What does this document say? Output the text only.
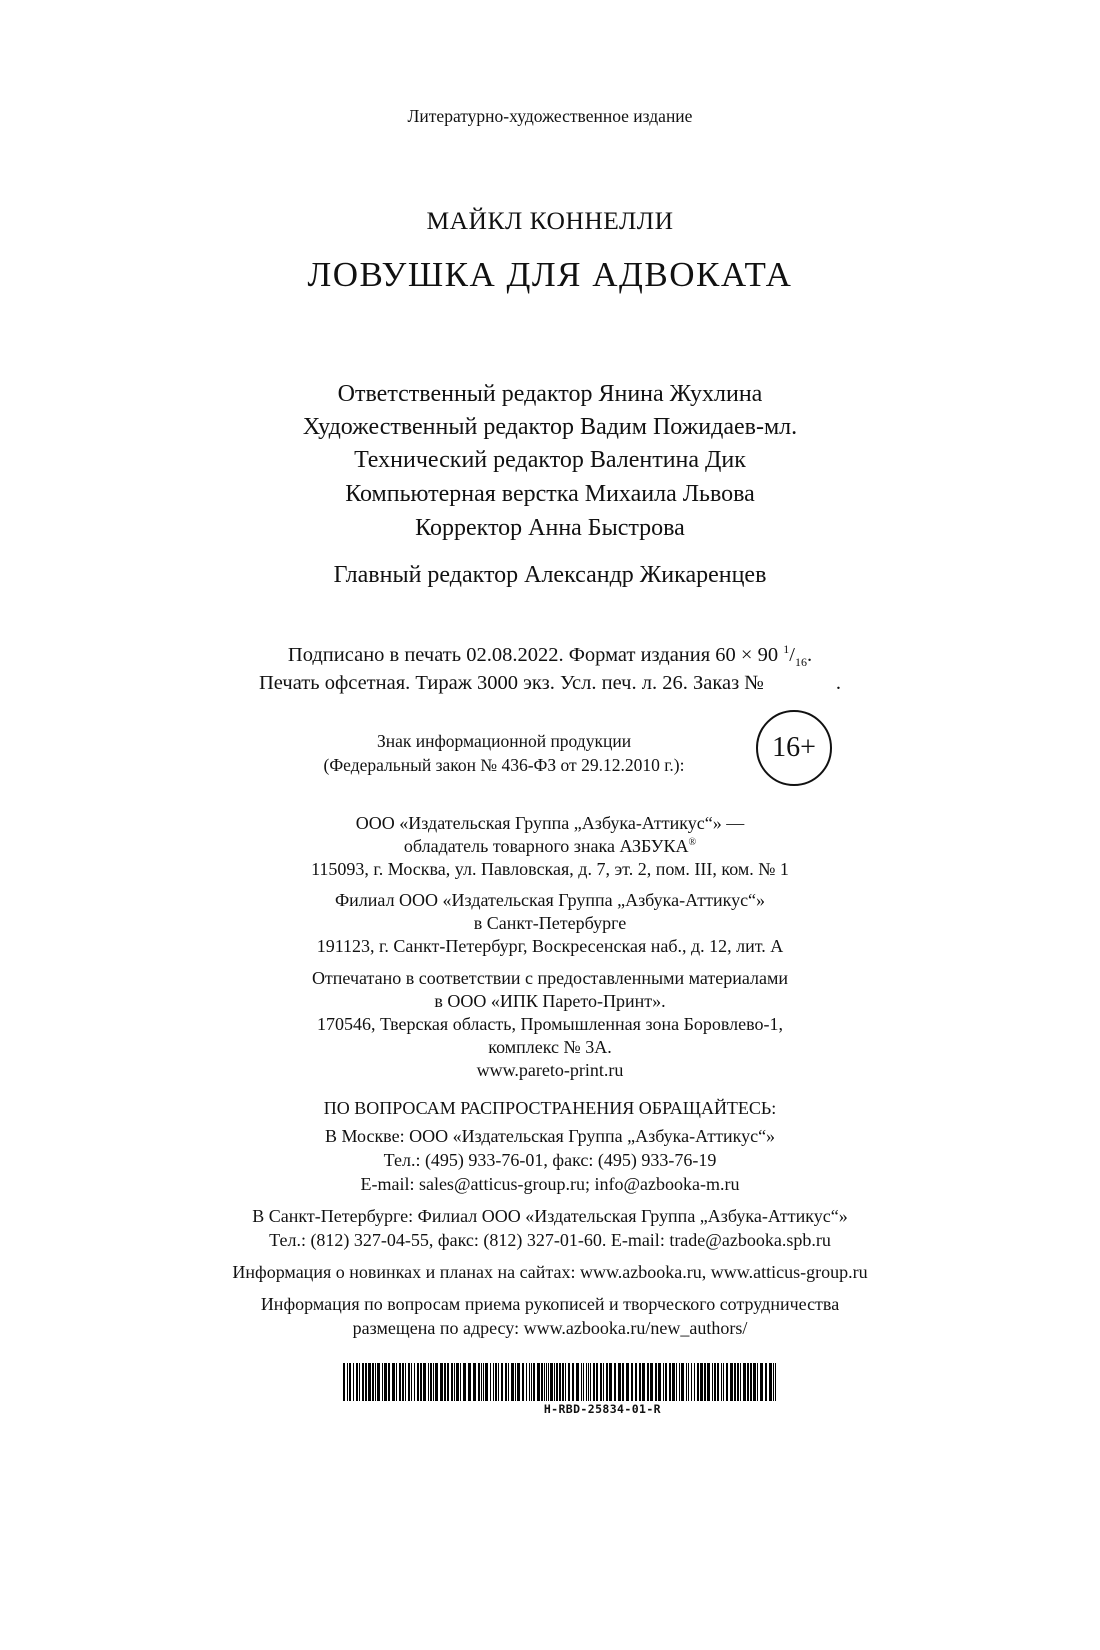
Литературно-художественное издание
МАЙКЛ КОННЕЛЛИ
ЛОВУШКА ДЛЯ АДВОКАТА
Ответственный редактор Янина Жухлина
Художественный редактор Вадим Пожидаев-мл.
Технический редактор Валентина Дик
Компьютерная верстка Михаила Львова
Корректор Анна Быстрова
Главный редактор Александр Жикаренцев
Подписано в печать 02.08.2022. Формат издания 60 × 90 $^1/_{16}$.
Печать офсетная. Тираж 3000 экз. Усл. печ. л. 26. Заказ №	.
Знак информационной продукции
(Федеральный закон № 436-ФЗ от 29.12.2010 г.):
16+
ООО «Издательская Группа „Азбука-Аттикус“» —
обладатель товарного знака АЗБУКА®
115093, г. Москва, ул. Павловская, д. 7, эт. 2, пом. III, ком. № 1
Филиал ООО «Издательская Группа „Азбука-Аттикус“»
в Санкт-Петербурге
191123, г. Санкт-Петербург, Воскресенская наб., д. 12, лит. А
Отпечатано в соответствии с предоставленными материалами
в ООО «ИПК Парето-Принт».
170546, Тверская область, Промышленная зона Боровлево-1,
комплекс № 3А.
www.pareto-print.ru
ПО ВОПРОСАМ РАСПРОСТРАНЕНИЯ ОБРАЩАЙТЕСЬ:
В Москве: ООО «Издательская Группа „Азбука-Аттикус“»
Тел.: (495) 933-76-01, факс: (495) 933-76-19
E-mail: sales@atticus-group.ru; info@azbooka-m.ru
В Санкт-Петербурге: Филиал ООО «Издательская Группа „Азбука-Аттикус“»
Тел.: (812) 327-04-55, факс: (812) 327-01-60. E-mail: trade@azbooka.spb.ru
Информация о новинках и планах на сайтах: www.azbooka.ru, www.atticus-group.ru
Информация по вопросам приема рукописей и творческого сотрудничества
размещена по адресу: www.azbooka.ru/new_authors/
H-RBD-25834-01-R
